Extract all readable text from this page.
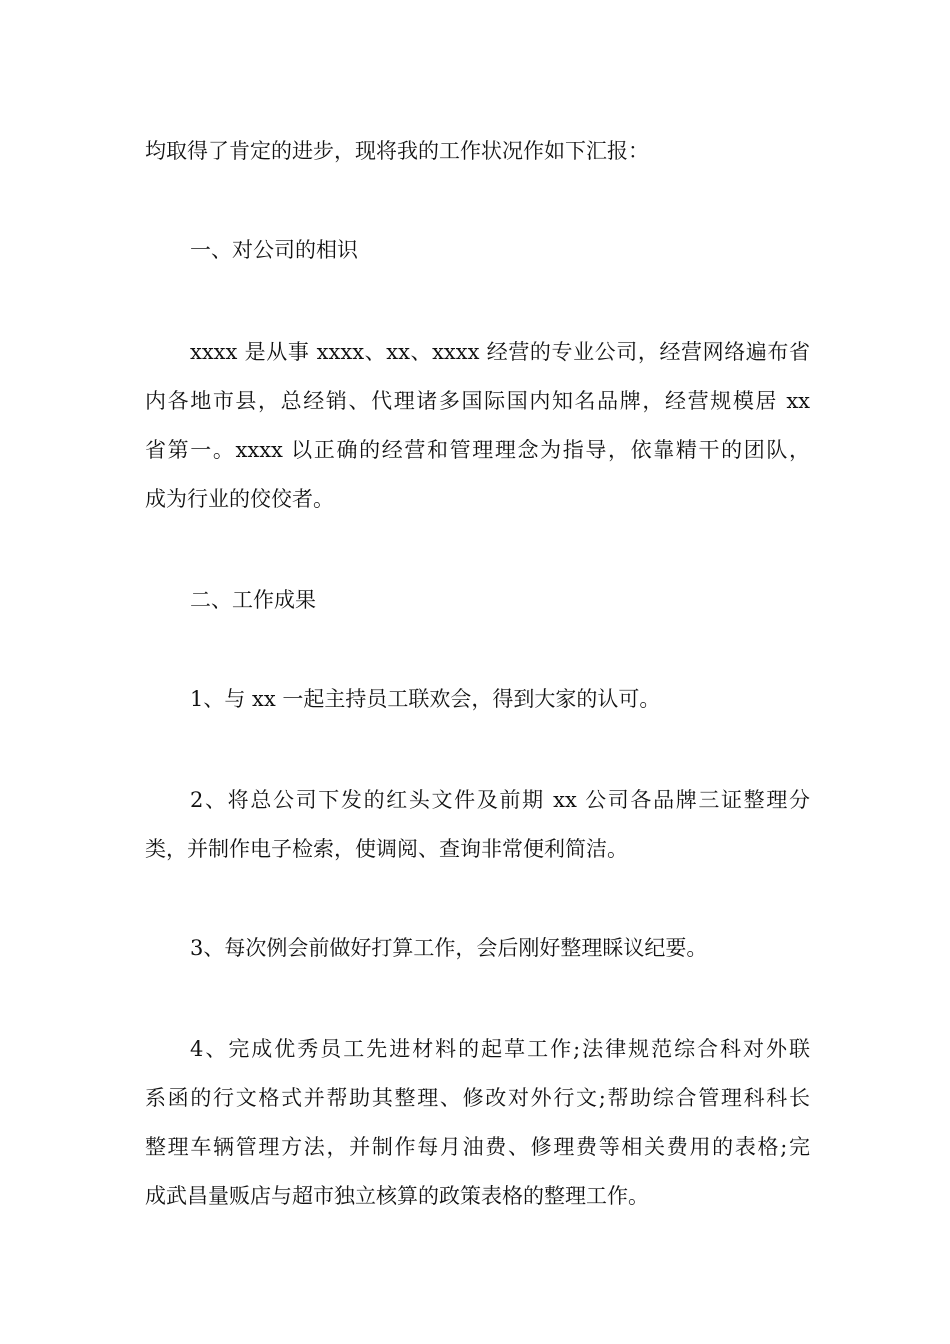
均取得了肯定的进步，现将我的工作状况作如下汇报：
一、对公司的相识
xxxx 是从事 xxxx、xx、xxxx 经营的专业公司，经营网络遍布省
内各地市县，总经销、代理诸多国际国内知名品牌，经营规模居 xx
省第一。xxxx 以正确的经营和管理理念为指导，依靠精干的团队，
成为行业的佼佼者。
二、工作成果
1、与 xx 一起主持员工联欢会，得到大家的认可。
2、将总公司下发的红头文件及前期 xx 公司各品牌三证整理分
类，并制作电子检索，使调阅、查询非常便利简洁。
3、每次例会前做好打算工作，会后刚好整理睬议纪要。
4、完成优秀员工先进材料的起草工作;法律规范综合科对外联
系函的行文格式并帮助其整理、修改对外行文;帮助综合管理科科长
整理车辆管理方法，并制作每月油费、修理费等相关费用的表格;完
成武昌量贩店与超市独立核算的政策表格的整理工作。
